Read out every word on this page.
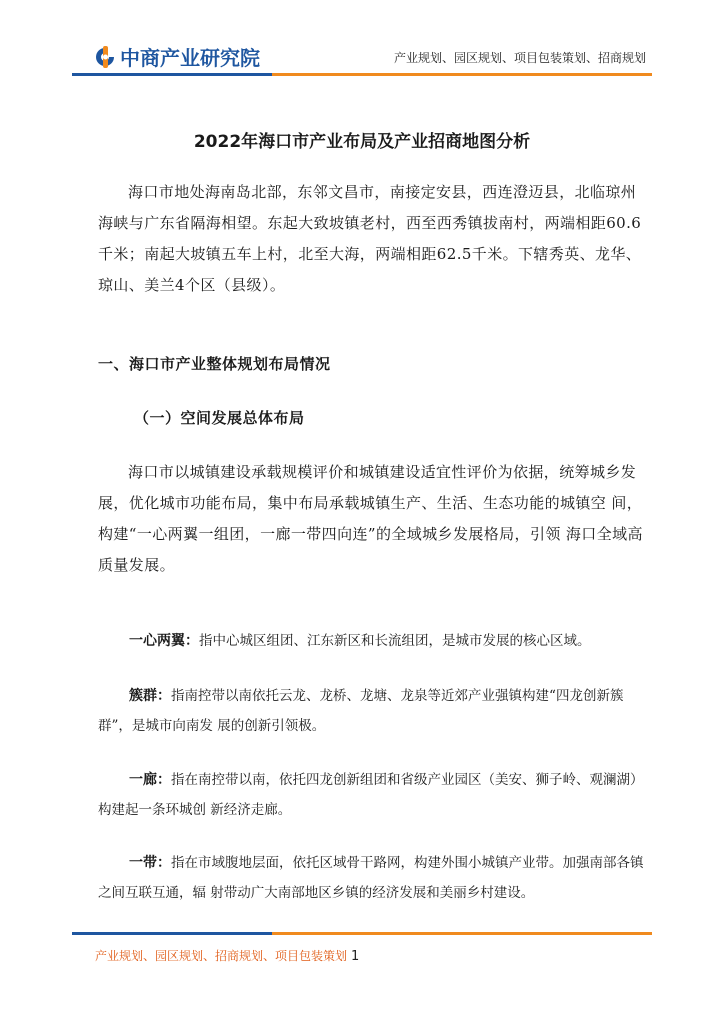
中商产业研究院	产业规划、园区规划、项目包装策划、招商规划
2022年海口市产业布局及产业招商地图分析

海口市地处海南岛北部，东邻文昌市，南接定安县，西连澄迈县，北临琼州海峡与广东省隔海相望。东起大致坡镇老村，西至西秀镇拔南村，两端相距60.6千米；南起大坡镇五车上村，北至大海，两端相距62.5千米。下辖秀英、龙华、琼山、美兰4个区（县级）。

一、海口市产业整体规划布局情况
（一）空间发展总体布局

海口市以城镇建设承载规模评价和城镇建设适宜性评价为依据，统筹城乡发 展，优化城市功能布局，集中布局承载城镇生产、生活、生态功能的城镇空 间，构建“一心两翼一组团，一廊一带四向连”的全域城乡发展格局，引领 海口全域高质量发展。

一心两翼：指中心城区组团、江东新区和长流组团，是城市发展的核心区域。

簇群：指南控带以南依托云龙、龙桥、龙塘、龙泉等近郊产业强镇构建“四龙创新簇群”，是城市向南发 展的创新引领极。

一廊：指在南控带以南，依托四龙创新组团和省级产业园区（美安、狮子岭、观澜湖）构建起一条环城创 新经济走廊。

一带：指在市域腹地层面，依托区域骨干路网，构建外围小城镇产业带。加强南部各镇之间互联互通，辐 射带动广大南部地区乡镇的经济发展和美丽乡村建设。

产业规划、园区规划、招商规划、项目包装策划 1
